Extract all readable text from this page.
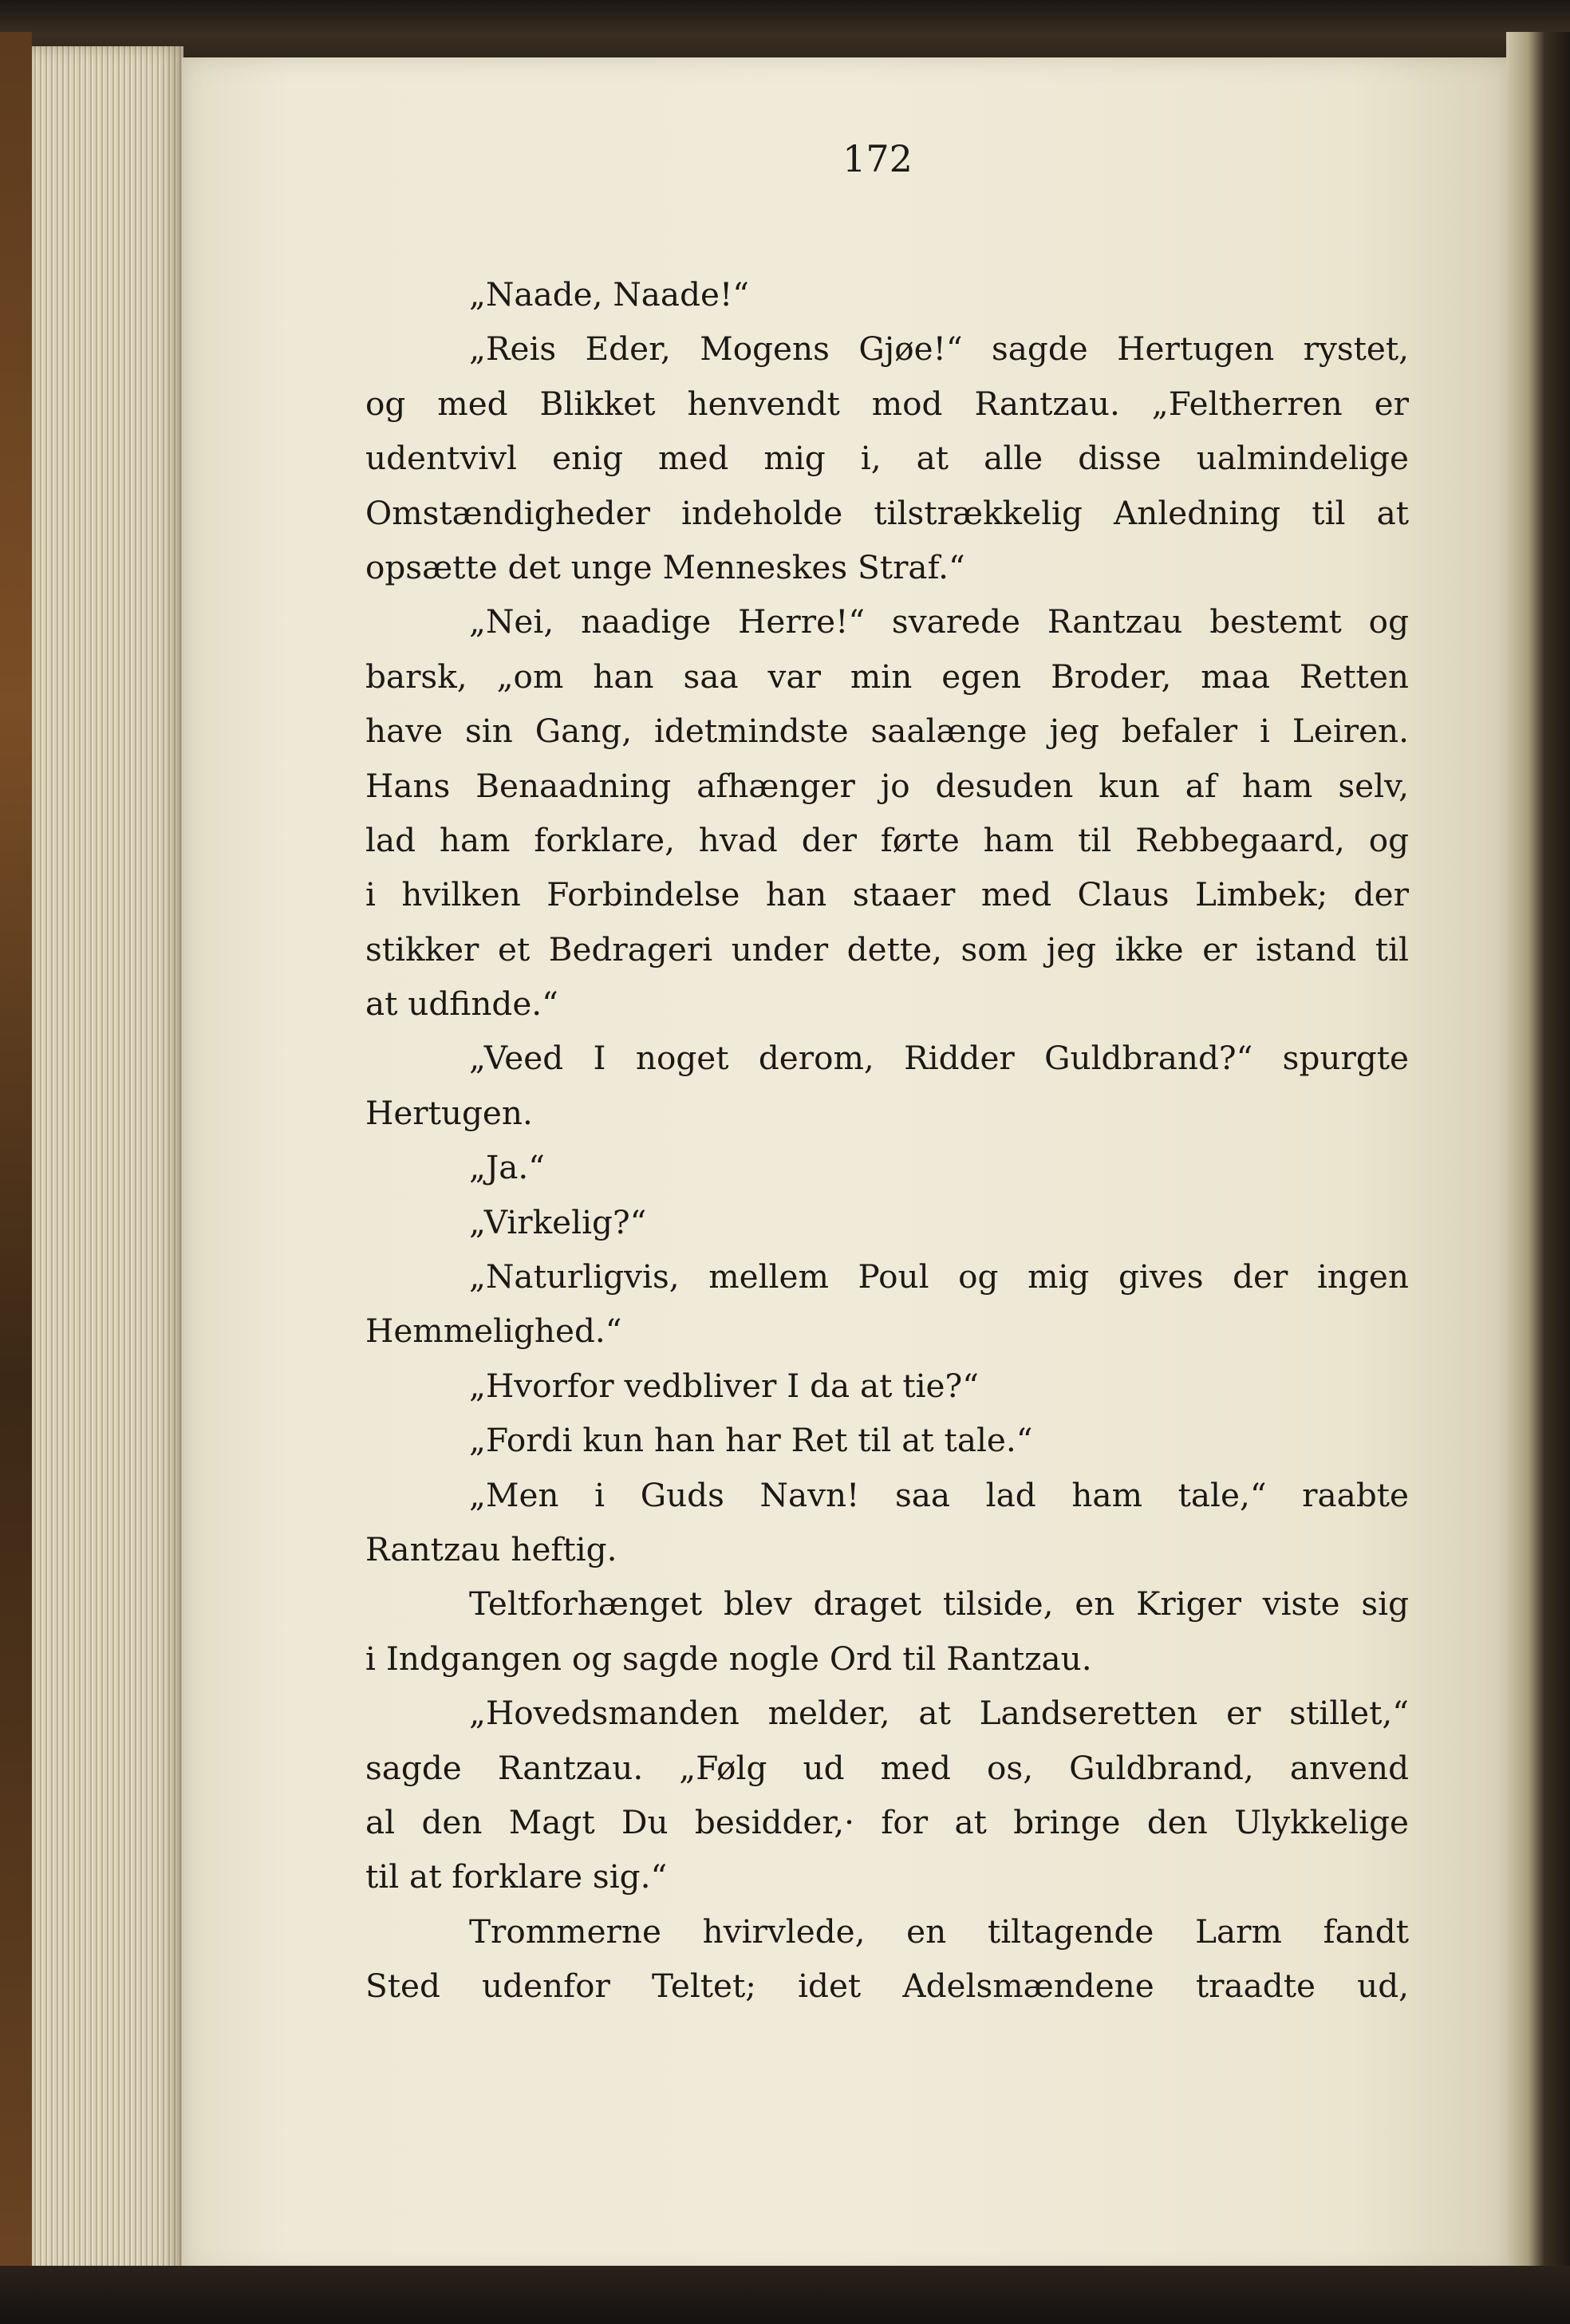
172
„Naade, Naade!“
„Reis Eder, Mogens Gjøe!“ sagde Hertugen rystet,
og med Blikket henvendt mod Rantzau. „Feltherren er
udentvivl enig med mig i, at alle disse ualmindelige
Omstændigheder indeholde tilstrækkelig Anledning til at
opsætte det unge Menneskes Straf.“
„Nei, naadige Herre!“ svarede Rantzau bestemt og
barsk, „om han saa var min egen Broder, maa Retten
have sin Gang, idetmindste saalænge jeg befaler i Leiren.
Hans Benaadning afhænger jo desuden kun af ham selv,
lad ham forklare, hvad der førte ham til Rebbegaard, og
i hvilken Forbindelse han staaer med Claus Limbek; der
stikker et Bedrageri under dette, som jeg ikke er istand til
at udfinde.“
„Veed I noget derom, Ridder Guldbrand?“ spurgte
Hertugen.
„Ja.“
„Virkelig?“
„Naturligvis, mellem Poul og mig gives der ingen
Hemmelighed.“
„Hvorfor vedbliver I da at tie?“
„Fordi kun han har Ret til at tale.“
„Men i Guds Navn! saa lad ham tale,“ raabte
Rantzau heftig.
Teltforhænget blev draget tilside, en Kriger viste sig
i Indgangen og sagde nogle Ord til Rantzau.
„Hovedsmanden melder, at Landseretten er stillet,“
sagde Rantzau. „Følg ud med os, Guldbrand, anvend
al den Magt Du besidder,· for at bringe den Ulykkelige
til at forklare sig.“
Trommerne hvirvlede, en tiltagende Larm fandt
Sted udenfor Teltet; idet Adelsmændene traadte ud,
